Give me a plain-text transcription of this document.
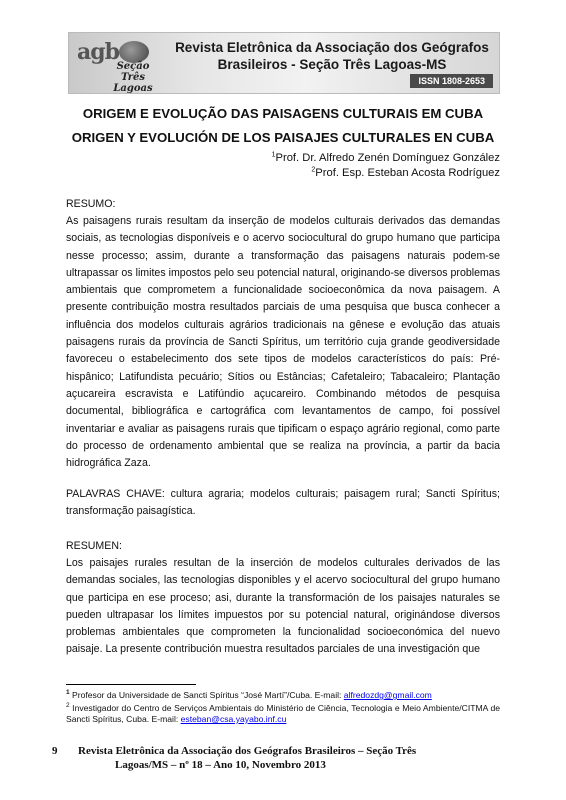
agb
Seção
Três Lagoas
Revista Eletrônica da Associação dos Geógrafos
Brasileiros - Seção Três Lagoas-MS
ISSN 1808-2653
ORIGEM E EVOLUÇÃO DAS PAISAGENS CULTURAIS EM CUBA
ORIGEN Y EVOLUCIÓN DE LOS PAISAJES CULTURALES EN CUBA
$^1$Prof. Dr. Alfredo Zenén Domínguez González
$^2$Prof. Esp. Esteban Acosta Rodríguez
RESUMO:
As paisagens rurais resultam da inserção de modelos culturais derivados das demandas sociais, as tecnologias disponíveis e o acervo sociocultural do grupo humano que participa nesse processo; assim, durante a transformação das paisagens naturais podem-se ultrapassar os limites impostos pelo seu potencial natural, originando-se diversos problemas ambientais que comprometem a funcionalidade socioeconômica da nova paisagem. A presente contribuição mostra resultados parciais de uma pesquisa que busca conhecer a influência dos modelos culturais agrários tradicionais na gênese e evolução das atuais paisagens rurais da província de Sancti Spíritus, um território cuja grande geodiversidade favoreceu o estabelecimento dos sete tipos de modelos característicos do país: Pré-hispânico; Latifundista pecuário; Sítios ou Estâncias; Cafetaleiro; Tabacaleiro; Plantação açucareira escravista e Latifúndio açucareiro. Combinando métodos de pesquisa documental, bibliográfica e cartográfica com levantamentos de campo, foi possível inventariar e avaliar as paisagens rurais que tipificam o espaço agrário regional, como parte do processo de ordenamento ambiental que se realiza na província, a partir da bacia hidrográfica Zaza.
PALAVRAS CHAVE: cultura agraria; modelos culturais; paisagem rural; Sancti Spíritus; transformação paisagística.
RESUMEN:
Los paisajes rurales resultan de la inserción de modelos culturales derivados de las demandas sociales, las tecnologias disponibles y el acervo sociocultural del grupo humano que participa en ese proceso; asi, durante la transformación de los paisajes naturales se pueden ultrapasar los límites impuestos por su potencial natural, originándose diversos problemas ambientales que comprometen la funcionalidad socioeconómica del nuevo paisaje. La presente contribución muestra resultados parciales de una investigación que
$^1$ Profesor da Universidade de Sancti Spíritus “José Martí”/Cuba. E-mail: alfredozdg@gmail.com
$^2$ Investigador do Centro de Serviços Ambientais do Ministério de Ciência, Tecnologia e Meio Ambiente/CITMA de Sancti Spíritus, Cuba. E-mail: esteban@csa.yayabo.inf.cu
9 Revista Eletrônica da Associação dos Geógrafos Brasileiros – Seção Três
Lagoas/MS – nº 18 – Ano 10, Novembro 2013
